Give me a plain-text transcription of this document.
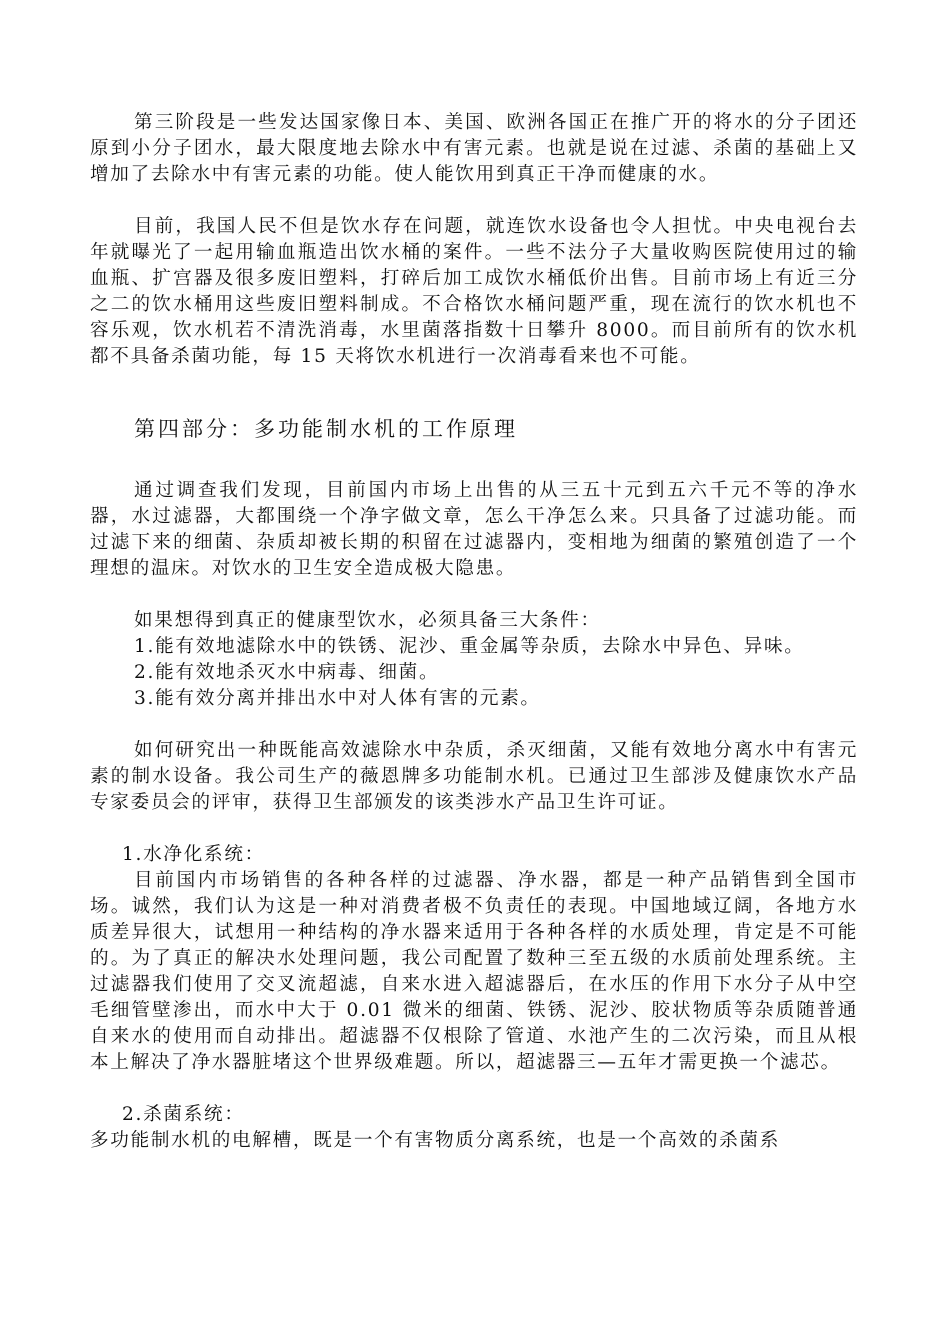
第三阶段是一些发达国家像日本、美国、欧洲各国正在推广开的将水的分子团还原到小分子团水，最大限度地去除水中有害元素。也就是说在过滤、杀菌的基础上又增加了去除水中有害元素的功能。使人能饮用到真正干净而健康的水。

目前，我国人民不但是饮水存在问题，就连饮水设备也令人担忧。中央电视台去年就曝光了一起用输血瓶造出饮水桶的案件。一些不法分子大量收购医院使用过的输血瓶、扩宫器及很多废旧塑料，打碎后加工成饮水桶低价出售。目前市场上有近三分之二的饮水桶用这些废旧塑料制成。不合格饮水桶问题严重，现在流行的饮水机也不容乐观，饮水机若不清洗消毒，水里菌落指数十日攀升 8000。而目前所有的饮水机都不具备杀菌功能，每 15 天将饮水机进行一次消毒看来也不可能。

第四部分：多功能制水机的工作原理

通过调查我们发现，目前国内市场上出售的从三五十元到五六千元不等的净水器，水过滤器，大都围绕一个净字做文章，怎么干净怎么来。只具备了过滤功能。而过滤下来的细菌、杂质却被长期的积留在过滤器内，变相地为细菌的繁殖创造了一个理想的温床。对饮水的卫生安全造成极大隐患。

如果想得到真正的健康型饮水，必须具备三大条件：

1.能有效地滤除水中的铁锈、泥沙、重金属等杂质，去除水中异色、异味。

2.能有效地杀灭水中病毒、细菌。

3.能有效分离并排出水中对人体有害的元素。

如何研究出一种既能高效滤除水中杂质，杀灭细菌，又能有效地分离水中有害元素的制水设备。我公司生产的薇恩牌多功能制水机。已通过卫生部涉及健康饮水产品专家委员会的评审，获得卫生部颁发的该类涉水产品卫生许可证。

1.水净化系统：

目前国内市场销售的各种各样的过滤器、净水器，都是一种产品销售到全国市场。诚然，我们认为这是一种对消费者极不负责任的表现。中国地域辽阔，各地方水质差异很大，试想用一种结构的净水器来适用于各种各样的水质处理，肯定是不可能的。为了真正的解决水处理问题，我公司配置了数种三至五级的水质前处理系统。主过滤器我们使用了交叉流超滤，自来水进入超滤器后，在水压的作用下水分子从中空毛细管壁渗出，而水中大于 0.01 微米的细菌、铁锈、泥沙、胶状物质等杂质随普通自来水的使用而自动排出。超滤器不仅根除了管道、水池产生的二次污染，而且从根本上解决了净水器脏堵这个世界级难题。所以，超滤器三—五年才需更换一个滤芯。

2.杀菌系统：

多功能制水机的电解槽，既是一个有害物质分离系统，也是一个高效的杀菌系
